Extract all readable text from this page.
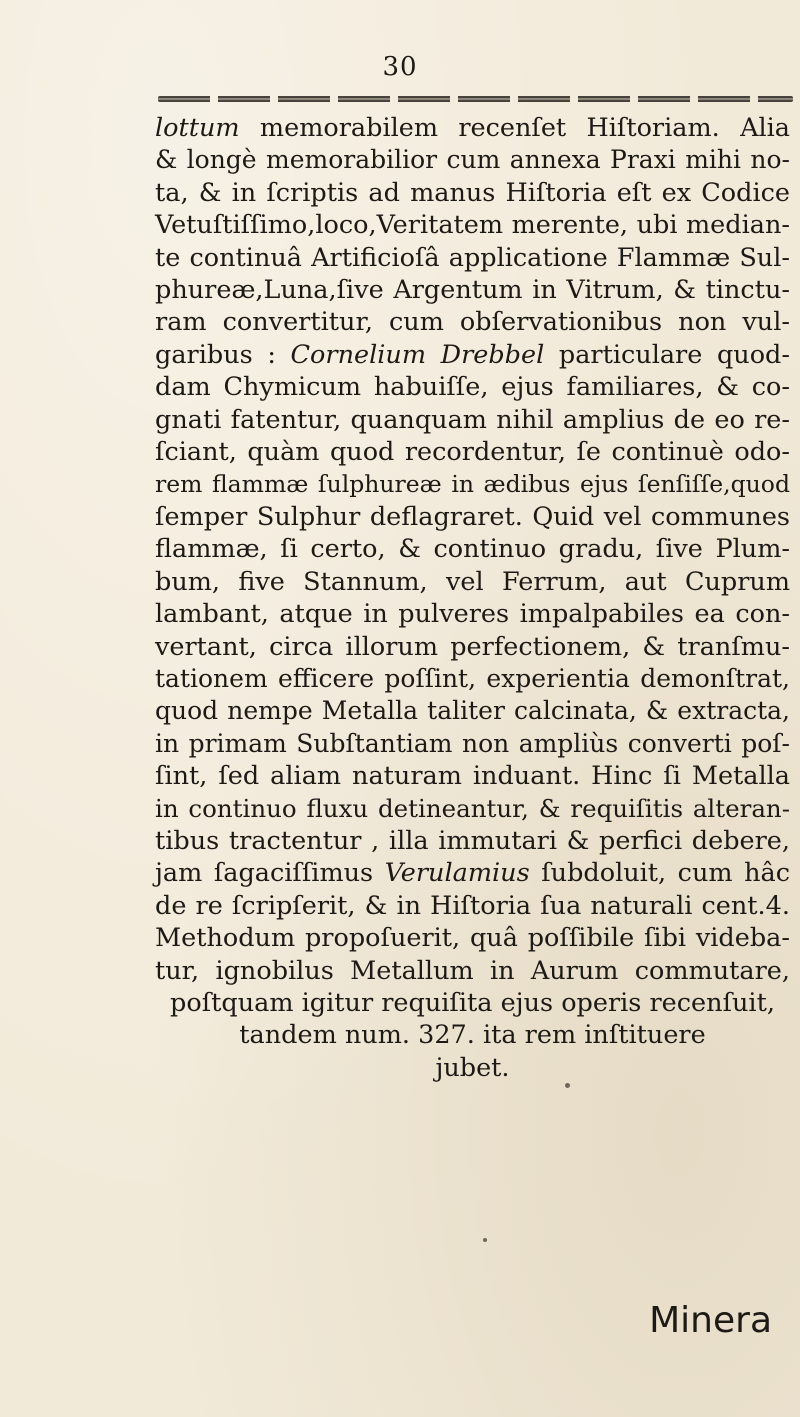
30
lottum memorabilem recenſet Hiſtoriam. Alia
& longè memorabilior cum annexa Praxi mihi no-
ta, & in ſcriptis ad manus Hiſtoria eſt ex Codice
Vetuſtiſſimo,loco,Veritatem merente, ubi median-
te continuâ Artificioſâ applicatione Flammæ Sul-
phureæ,Luna,ſive Argentum in Vitrum, & tinctu-
ram convertitur, cum obſervationibus non vul-
garibus : Cornelium Drebbel particulare quod-
dam Chymicum habuiſſe, ejus familiares, & co-
gnati fatentur, quanquam nihil amplius de eo re-
ſciant, quàm quod recordentur, ſe continuè odo-
rem flammæ ſulphureæ in ædibus ejus ſenſiſſe,quod
ſemper Sulphur deflagraret. Quid vel communes
flammæ, ſi certo, & continuo gradu, ſive Plum-
bum, five Stannum, vel Ferrum, aut Cuprum
lambant, atque in pulveres impalpabiles ea con-
vertant, circa illorum perfectionem, & tranſmu-
tationem efficere poſſint, experientia demonſtrat,
quod nempe Metalla taliter calcinata, & extracta,
in primam Subſtantiam non ampliùs converti poſ-
ſint, ſed aliam naturam induant. Hinc ſi Metalla
in continuo fluxu detineantur, & requiſitis alteran-
tibus tractentur , illa immutari & perfici debere,
jam ſagaciſſimus Verulamius ſubdoluit, cum hâc
de re ſcripſerit, & in Hiſtoria ſua naturali cent.4.
Methodum propoſuerit, quâ poſſibile ſibi videba-
tur, ignobilus Metallum in Aurum commutare,
poſtquam igitur requiſita ejus operis recenſuit,
tandem num. 327. ita rem inſtituere
jubet.
Minera
